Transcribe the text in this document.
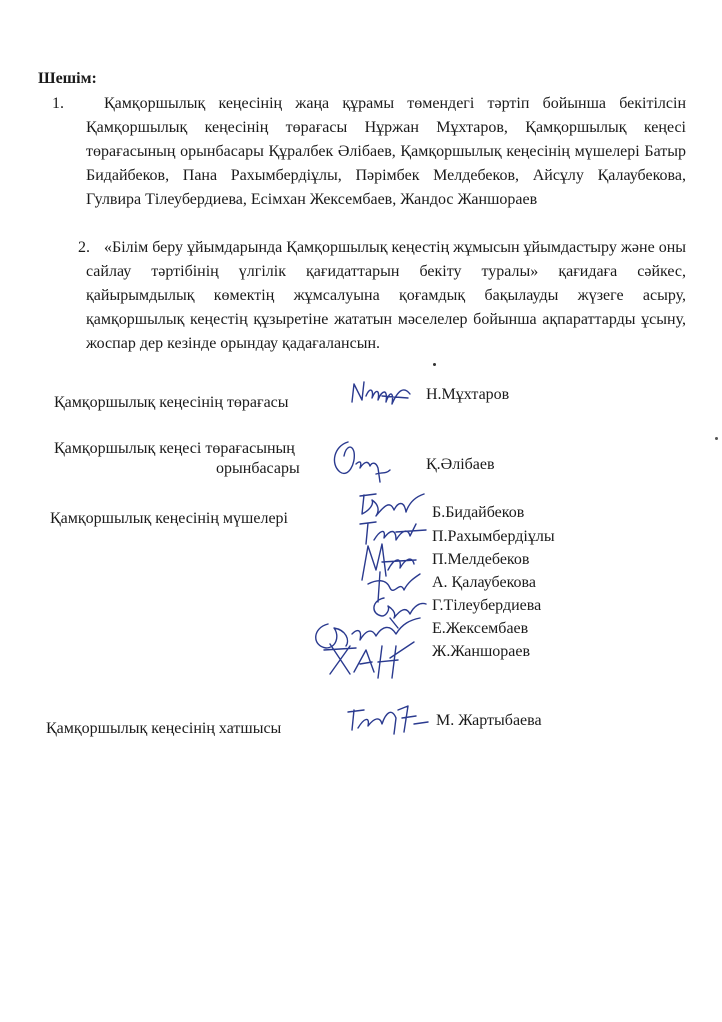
Шешім:
1.	Қамқоршылық кеңесінің жаңа құрамы төмендегі тәртіп бойынша бекітілсін Қамқоршылық кеңесінің төрағасы Нұржан Мұхтаров, Қамқоршылық кеңесі төрағасының орынбасары Құралбек Әлібаев, Қамқоршылық кеңесінің мүшелері Батыр Бидайбеков, Пана Рахымбердіұлы, Пәрімбек Мелдебеков, Айсұлу Қалаубекова, Гулвира Тілеубердиева, Есімхан Жексембаев, Жандос Жаншораев
2. «Білім беру ұйымдарында Қамқоршылық кеңестің жұмысын ұйымдастыру және оны сайлау тәртібінің үлгілік қағидаттарын бекіту туралы» қағидаға сәйкес, қайырымдылық көмектің жұмсалуына қоғамдық бақылауды жүзеге асыру, қамқоршылық кеңестің құзыретіне жататын мәселелер бойынша ақпараттарды ұсыну, жоспар дер кезінде орындау қадағалансын.
Қамқоршылық кеңесінің төрағасы	Н.Мұхтаров
Қамқоршылық кеңесі төрағасының
орынбасары	Қ.Әлібаев
Қамқоршылық кеңесінің мүшелері	Б.Бидайбеков
П.Рахымбердіұлы
П.Мелдебеков
А. Қалаубекова
Г.Тілеубердиева
Е.Жексембаев
Ж.Жаншораев
Қамқоршылық кеңесінің хатшысы	М. Жартыбаева
